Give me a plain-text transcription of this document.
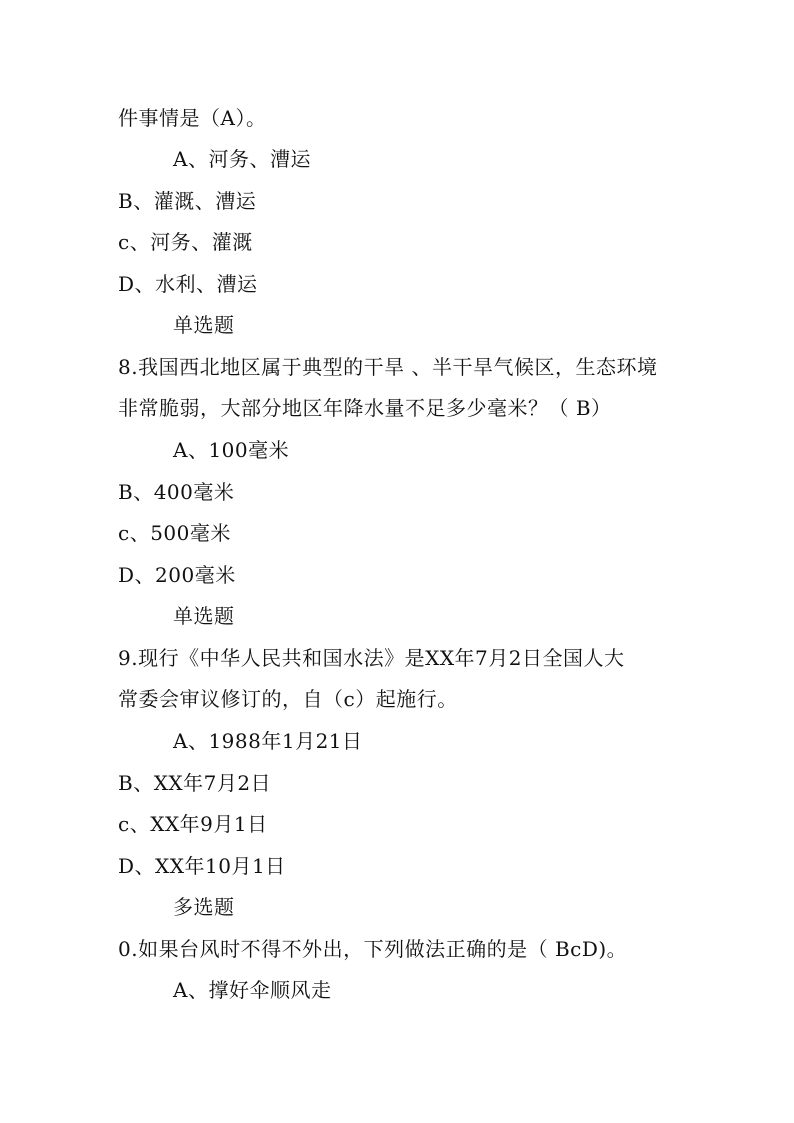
件事情是（A）。
A、河务、漕运
B、灌溉、漕运
c、河务、灌溉
D、水利、漕运
单选题
8.我国西北地区属于典型的干旱 、半干旱气候区，生态环境
非常脆弱，大部分地区年降水量不足多少毫米？（ B）
A、100毫米
B、400毫米
c、500毫米
D、200毫米
单选题
9.现行《中华人民共和国水法》是XX年7月2日全国人大
常委会审议修订的，自（c）起施行。
A、1988年1月21日
B、XX年7月2日
c、XX年9月1日
D、XX年10月1日
多选题
0.如果台风时不得不外出，下列做法正确的是（ BcD)。
A、撑好伞顺风走
